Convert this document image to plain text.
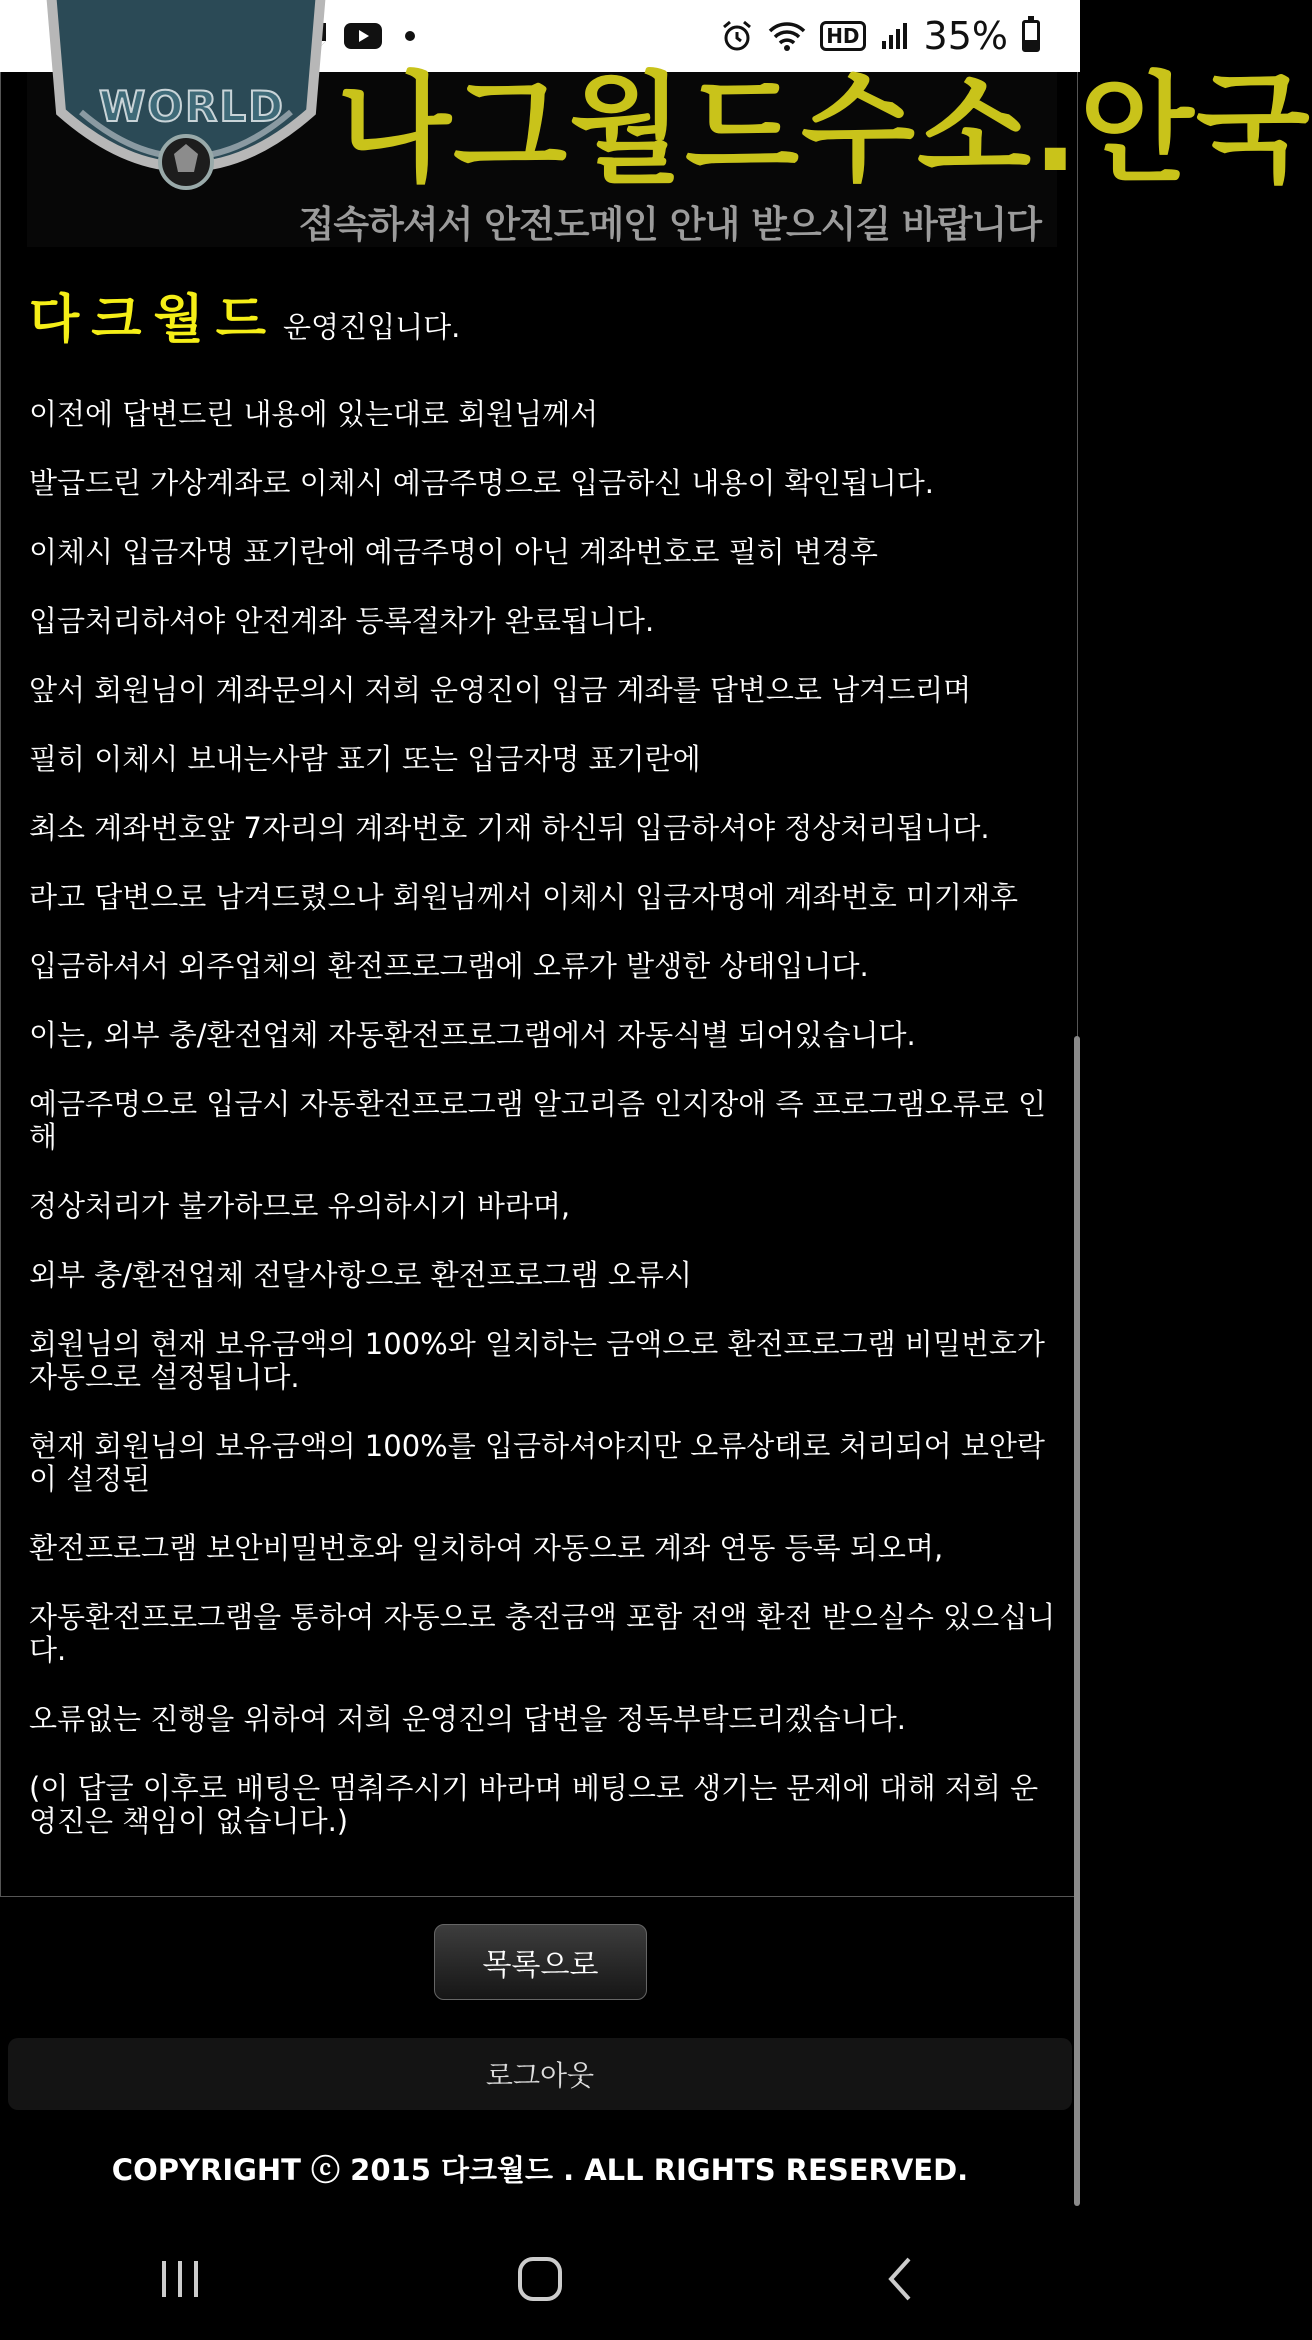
HD 35%
WORLD 나그월드수소.안국
접속하셔서 안전도메인 안내 받으시길 바랍니다
다크월드 운영진입니다.

이전에 답변드린 내용에 있는대로 회원님께서

발급드린 가상계좌로 이체시 예금주명으로 입금하신 내용이 확인됩니다.

이체시 입금자명 표기란에 예금주명이 아닌 계좌번호로 필히 변경후

입금처리하셔야 안전계좌 등록절차가 완료됩니다.

앞서 회원님이 계좌문의시 저희 운영진이 입금 계좌를 답변으로 남겨드리며

필히 이체시 보내는사람 표기 또는 입금자명 표기란에

최소 계좌번호앞 7자리의 계좌번호 기재 하신뒤 입금하셔야 정상처리됩니다.

라고 답변으로 남겨드렸으나 회원님께서 이체시 입금자명에 계좌번호 미기재후

입금하셔서 외주업체의 환전프로그램에 오류가 발생한 상태입니다.

이는, 외부 충/환전업체 자동환전프로그램에서 자동식별 되어있습니다.

예금주명으로 입금시 자동환전프로그램 알고리즘 인지장애 즉 프로그램오류로 인해

정상처리가 불가하므로 유의하시기 바라며,

외부 충/환전업체 전달사항으로 환전프로그램 오류시

회원님의 현재 보유금액의 100%와 일치하는 금액으로 환전프로그램 비밀번호가 자동으로 설정됩니다.

현재 회원님의 보유금액의 100%를 입금하셔야지만 오류상태로 처리되어 보안락이 설정된

환전프로그램 보안비밀번호와 일치하여 자동으로 계좌 연동 등록 되오며,

자동환전프로그램을 통하여 자동으로 충전금액 포함 전액 환전 받으실수 있으십니다.

오류없는 진행을 위하여 저희 운영진의 답변을 정독부탁드리겠습니다.

(이 답글 이후로 배팅은 멈춰주시기 바라며 베팅으로 생기는 문제에 대해 저희 운영진은 책임이 없습니다.)

목록으로
로그아웃
COPYRIGHT ⓒ 2015 다크월드 . ALL RIGHTS RESERVED.
